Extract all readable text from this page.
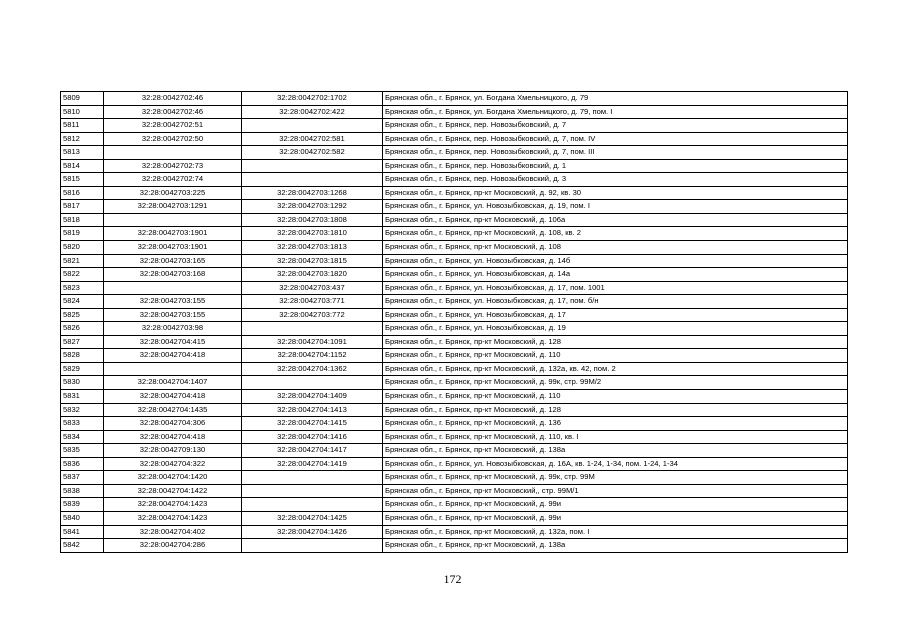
5809	32:28:0042702:46	32:28:0042702:1702	Брянская обл., г. Брянск, ул. Богдана Хмельницкого, д. 79
5810	32:28:0042702:46	32:28:0042702:422	Брянская обл., г. Брянск, ул. Богдана Хмельницкого, д. 79, пом. I
5811	32:28:0042702:51		Брянская обл., г. Брянск, пер. Новозыбковский, д. 7
5812	32:28:0042702:50	32:28:0042702:581	Брянская обл., г. Брянск, пер. Новозыбковский, д. 7, пом. IV
5813		32:28:0042702:582	Брянская обл., г. Брянск, пер. Новозыбковский, д. 7, пом. III
5814	32:28:0042702:73		Брянская обл., г. Брянск, пер. Новозыбковский, д. 1
5815	32:28:0042702:74		Брянская обл., г. Брянск, пер. Новозыбковский, д. 3
5816	32:28:0042703:225	32:28:0042703:1268	Брянская обл., г. Брянск, пр-кт Московский, д. 92, кв. 30
5817	32:28:0042703:1291	32:28:0042703:1292	Брянская обл., г. Брянск, ул. Новозыбковская, д. 19, пом. I
5818		32:28:0042703:1808	Брянская обл., г. Брянск, пр-кт Московский, д. 106а
5819	32:28:0042703:1901	32:28:0042703:1810	Брянская обл., г. Брянск, пр-кт Московский, д. 108, кв. 2
5820	32:28:0042703:1901	32:28:0042703:1813	Брянская обл., г. Брянск, пр-кт Московский, д. 108
5821	32:28:0042703:165	32:28:0042703:1815	Брянская обл., г. Брянск, ул. Новозыбковская, д. 14б
5822	32:28:0042703:168	32:28:0042703:1820	Брянская обл., г. Брянск, ул. Новозыбковская, д. 14а
5823		32:28:0042703:437	Брянская обл., г. Брянск, ул. Новозыбковская, д. 17, пом. 1001
5824	32:28:0042703:155	32:28:0042703:771	Брянская обл., г. Брянск, ул. Новозыбковская, д. 17, пом. б/н
5825	32:28:0042703:155	32:28:0042703:772	Брянская обл., г. Брянск, ул. Новозыбковская, д. 17
5826	32:28:0042703:98		Брянская обл., г. Брянск, ул. Новозыбковская, д. 19
5827	32:28:0042704:415	32:28:0042704:1091	Брянская обл., г. Брянск, пр-кт Московский, д. 128
5828	32:28:0042704:418	32:28:0042704:1152	Брянская обл., г. Брянск, пр-кт Московский, д. 110
5829		32:28:0042704:1362	Брянская обл., г. Брянск, пр-кт Московский, д. 132а, кв. 42, пом. 2
5830	32:28:0042704:1407		Брянская обл., г. Брянск, пр-кт Московский, д. 99к, стр. 99М/2
5831	32:28:0042704:418	32:28:0042704:1409	Брянская обл., г. Брянск, пр-кт Московский, д. 110
5832	32:28:0042704:1435	32:28:0042704:1413	Брянская обл., г. Брянск, пр-кт Московский, д. 128
5833	32:28:0042704:306	32:28:0042704:1415	Брянская обл., г. Брянск, пр-кт Московский, д. 136
5834	32:28:0042704:418	32:28:0042704:1416	Брянская обл., г. Брянск, пр-кт Московский, д. 110, кв. I
5835	32:28:0042709:130	32:28:0042704:1417	Брянская обл., г. Брянск, пр-кт Московский, д. 138а
5836	32:28:0042704:322	32:28:0042704:1419	Брянская обл., г. Брянск, ул. Новозыбковская, д. 16А, кв. 1-24, 1-34, пом. 1-24, 1-34
5837	32:28:0042704:1420		Брянская обл., г. Брянск, пр-кт Московский, д. 99к, стр. 99М
5838	32:28:0042704:1422		Брянская обл., г. Брянск, пр-кт Московский,, стр. 99М/1
5839	32:28:0042704:1423		Брянская обл., г. Брянск, пр-кт Московский, д. 99и
5840	32:28:0042704:1423	32:28:0042704:1425	Брянская обл., г. Брянск, пр-кт Московский, д. 99и
5841	32:28:0042704:402	32:28:0042704:1426	Брянская обл., г. Брянск, пр-кт Московский, д. 132а, пом. I
5842	32:28:0042704:286		Брянская обл., г. Брянск, пр-кт Московский, д. 138а
172
